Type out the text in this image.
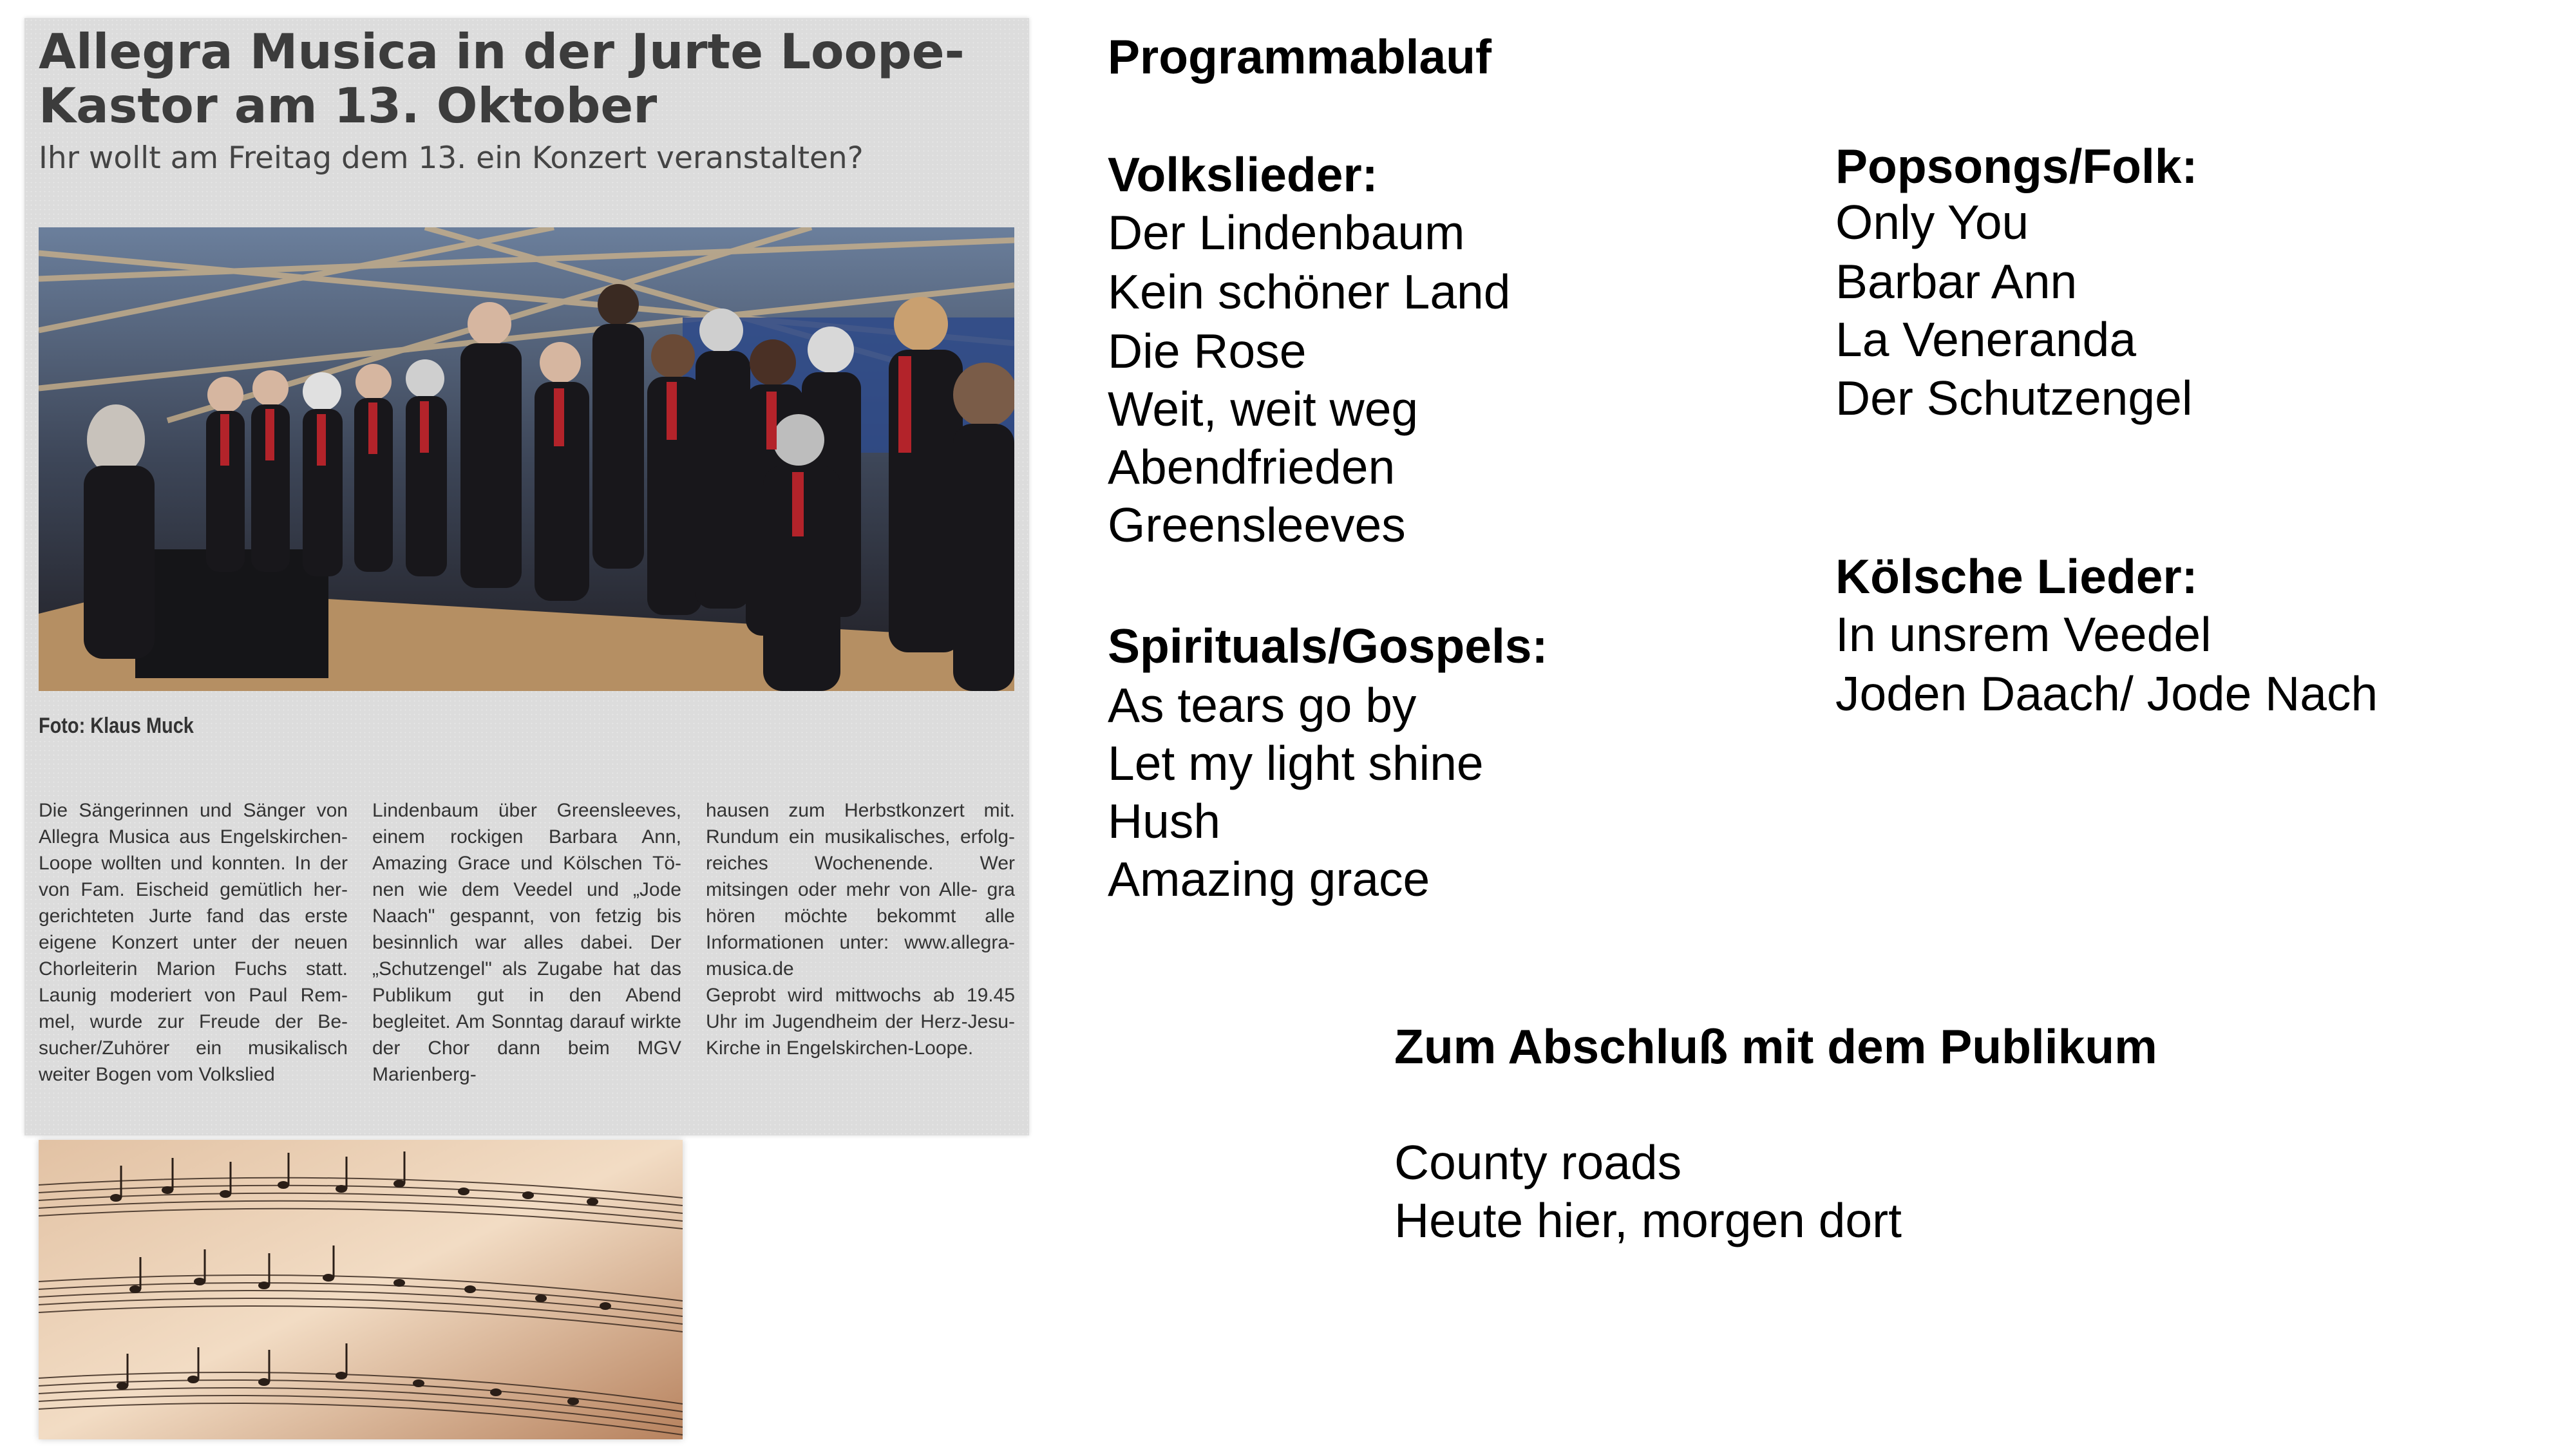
Allegra Musica in der Jurte Loope-Kastor am 13. Oktober

Ihr wollt am Freitag dem 13. ein Konzert veranstalten?

Foto: Klaus Muck

Die Sängerinnen und Sänger von Allegra Musica aus Engelskirchen-Loope wollten und konnten. In der von Fam. Eischeid gemütlich her- gerichteten Jurte fand das erste eigene Konzert unter der neuen Chorleiterin Marion Fuchs statt. Launig moderiert von Paul Rem- mel, wurde zur Freude der Be- sucher/Zuhörer ein musikalisch weiter Bogen vom Volkslied
Lindenbaum über Greensleeves, einem rockigen Barbara Ann, Amazing Grace und Kölschen Tö- nen wie dem Veedel und „Jode Naach" gespannt, von fetzig bis besinnlich war alles dabei. Der „Schutzengel" als Zugabe hat das Publikum gut in den Abend begleitet. Am Sonntag darauf wirkte der Chor dann beim MGV Marienberg-
hausen zum Herbstkonzert mit. Rundum ein musikalisches, erfolg- reiches Wochenende. Wer mitsingen oder mehr von Alle- gra hören möchte bekommt alle Informationen unter: www.allegra-musica.de
Geprobt wird mittwochs ab 19.45 Uhr im Jugendheim der Herz-Jesu-Kirche in Engelskirchen-Loope.

Programmablauf

Volkslieder:

Der Lindenbaum

Kein schöner Land

Die Rose

Weit, weit weg

Abendfrieden

Greensleeves

Spirituals/Gospels:

As tears go by

Let my light shine

Hush

Amazing grace

Popsongs/Folk:

Only You

Barbar Ann

La Veneranda

Der Schutzengel

Kölsche Lieder:

In unsrem Veedel

Joden Daach/ Jode Nach

Zum Abschluß mit dem Publikum

County roads

Heute hier, morgen dort
